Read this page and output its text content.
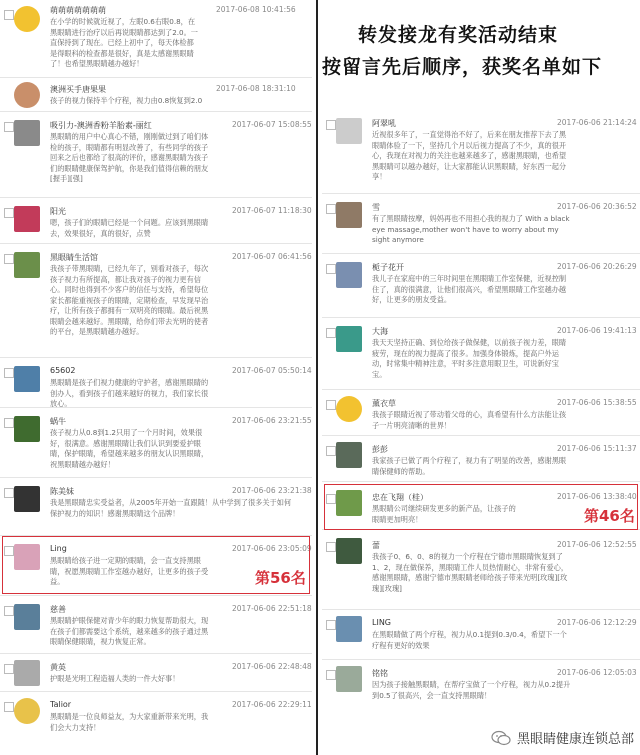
萌萌萌萌萌萌萌	2017-06-08 10:41:56
在小学的时候就近视了，左眼0.6右眼0.8，在黑眼睛进行治疗以后再说眼睛都达到了2.0。一直保持到了现在。已经上初中了，每天体检都是得眼科的检查都是很好，真是太感谢黑眼睛了！也希望黑眼睛越办越好！
澳洲买手唐果果	2017-06-08 18:31:10
孩子的视力保持半个疗程，视力由0.8恢复到2.0
吸引力-澳洲香粉羊胎素-丽红	2017-06-07 15:08:55
黑眼睛的用户中心真心不错，刚刚做过到了咱们体检的孩子，眼睛都有明显改善了，有些同学的孩子回来之后也都给了很高的评价，感谢黑眼睛为孩子们的眼睛健康保驾护航，你是我们值得信赖的朋友[握手][强]
阳光	2017-06-07 11:18:30
嗯，孩子们的眼睛已经是一个问题。应该到黑眼睛去，效果很好，真的很好，点赞
黑眼睛生活馆	2017-06-07 06:41:56
我孩子带黑眼睛，已经九年了，别看对孩子，每次孩子视力有所提高，都让我对孩子的视力更有信心。同时也得到不少客户的信任与支持，希望每位家长都能重视孩子的眼睛，定期检查，早发现早治疗，让所有孩子都拥有一双明亮的眼睛。最后祝黑眼睛会越来越好。黑眼睛，给你们带去光明的使者的平台，是黑眼睛越办越好。
65602	2017-06-07 05:50:14
黑眼睛是孩子们视力健康的守护者，感谢黑眼睛的创办人，看到孩子们越来越好的视力，我们家长很放心。
蜗牛	2017-06-06 23:21:55
孩子视力从0.8到1.2只用了一个月时间，效果很好，很满意。感谢黑眼睛让我们认识到要爱护眼睛，保护眼睛，希望越来越多的朋友认识黑眼睛，祝黑眼睛越办越好！
陈美妹	2017-06-06 23:21:38
我是黑眼睛忠实受益者，从2005年开始一直跟随！从中学到了很多关于如何保护视力的知识！感谢黑眼睛这个品牌！
Ling	2017-06-06 23:05:09
黑眼睛给孩子进一定期的眼睛，会一直支持黑眼睛，祝愿黑眼睛工作室越办越好，让更多的孩子受益。
慈善	2017-06-06 22:51:18
黑眼睛护眼保健对青少年的眼力恢复帮助很大，现在孩子们都需要这个系统，越来越多的孩子通过黑眼睛保健眼睛，视力恢复正常。
黄英	2017-06-06 22:48:48
护眼是光明工程造福人类的一件大好事！
Talior	2017-06-06 22:29:11
黑眼睛是一位良师益友，为大家重新带来光明，我们会大力支持！
第56名
阿翠吼	2017-06-06 21:14:24
近视很多年了，一直觉得治不好了，后来在朋友推荐下去了黑眼睛体验了一下，坚持几个月以后视力提高了不少，真的很开心，我现在对视力的关注也越来越多了，感谢黑眼睛，也希望黑眼睛可以越办越好，让大家都能认识黑眼睛，好东西一起分享！
雪	2017-06-06 20:36:52
有了黑眼睛按摩，妈妈再也不用担心我的视力了 With a black eye massage,mother won't have to worry about my sight anymore
栀子花开	2017-06-06 20:26:29
我儿子在家庭中的三年时间里在黑眼睛工作室保健，近视控制住了，真的很满意，让他们很高兴，希望黑眼睛工作室越办越好，让更多的朋友受益。
大海	2017-06-06 19:41:13
我天天坚持正确、到位给孩子做保健，以前孩子视力差，眼睛疲劳，现在的视力提高了很多。加强身体锻炼，提高户外运动，时常集中精神注意，平时多注意用眼卫生，可说新好宝宝。
薰衣草	2017-06-06 15:38:55
我孩子眼睛近视了带动着父母的心，真希望有什么方法能让孩子一片明亮清晰的世界！
彭彭	2017-06-06 15:11:37
我家孩子已做了两个疗程了，视力有了明显的改善，感谢黑眼睛保健师的帮助。
忠在飞翔（桂）	2017-06-06 13:38:40
黑眼睛公司继续研发更多的新产品，让孩子的眼睛更加明亮！
蕾	2017-06-06 12:52:55
我孩子0、6、0、8的视力一个疗程在宁德市黑眼睛恢复到了1、2，现在做保养，黑眼睛工作人员热情耐心，非常有爱心，感谢黑眼睛，感谢宁德市黑眼睛老师给孩子带来光明[玫瑰][玫瑰][玫瑰]
LING	2017-06-06 12:12:29
在黑眼睛做了两个疗程，视力从0.1提到0.3/0.4，希望下一个疗程有更好的效果
铭铭	2017-06-06 12:05:03
因为孩子接触黑眼睛，在帮疗宝做了一个疗程，视力从0.2提升到0.5了很高兴，会一直支持黑眼睛！
第46名
转发接龙有奖活动结束
按留言先后顺序，获奖名单如下
黑眼睛健康连锁总部
